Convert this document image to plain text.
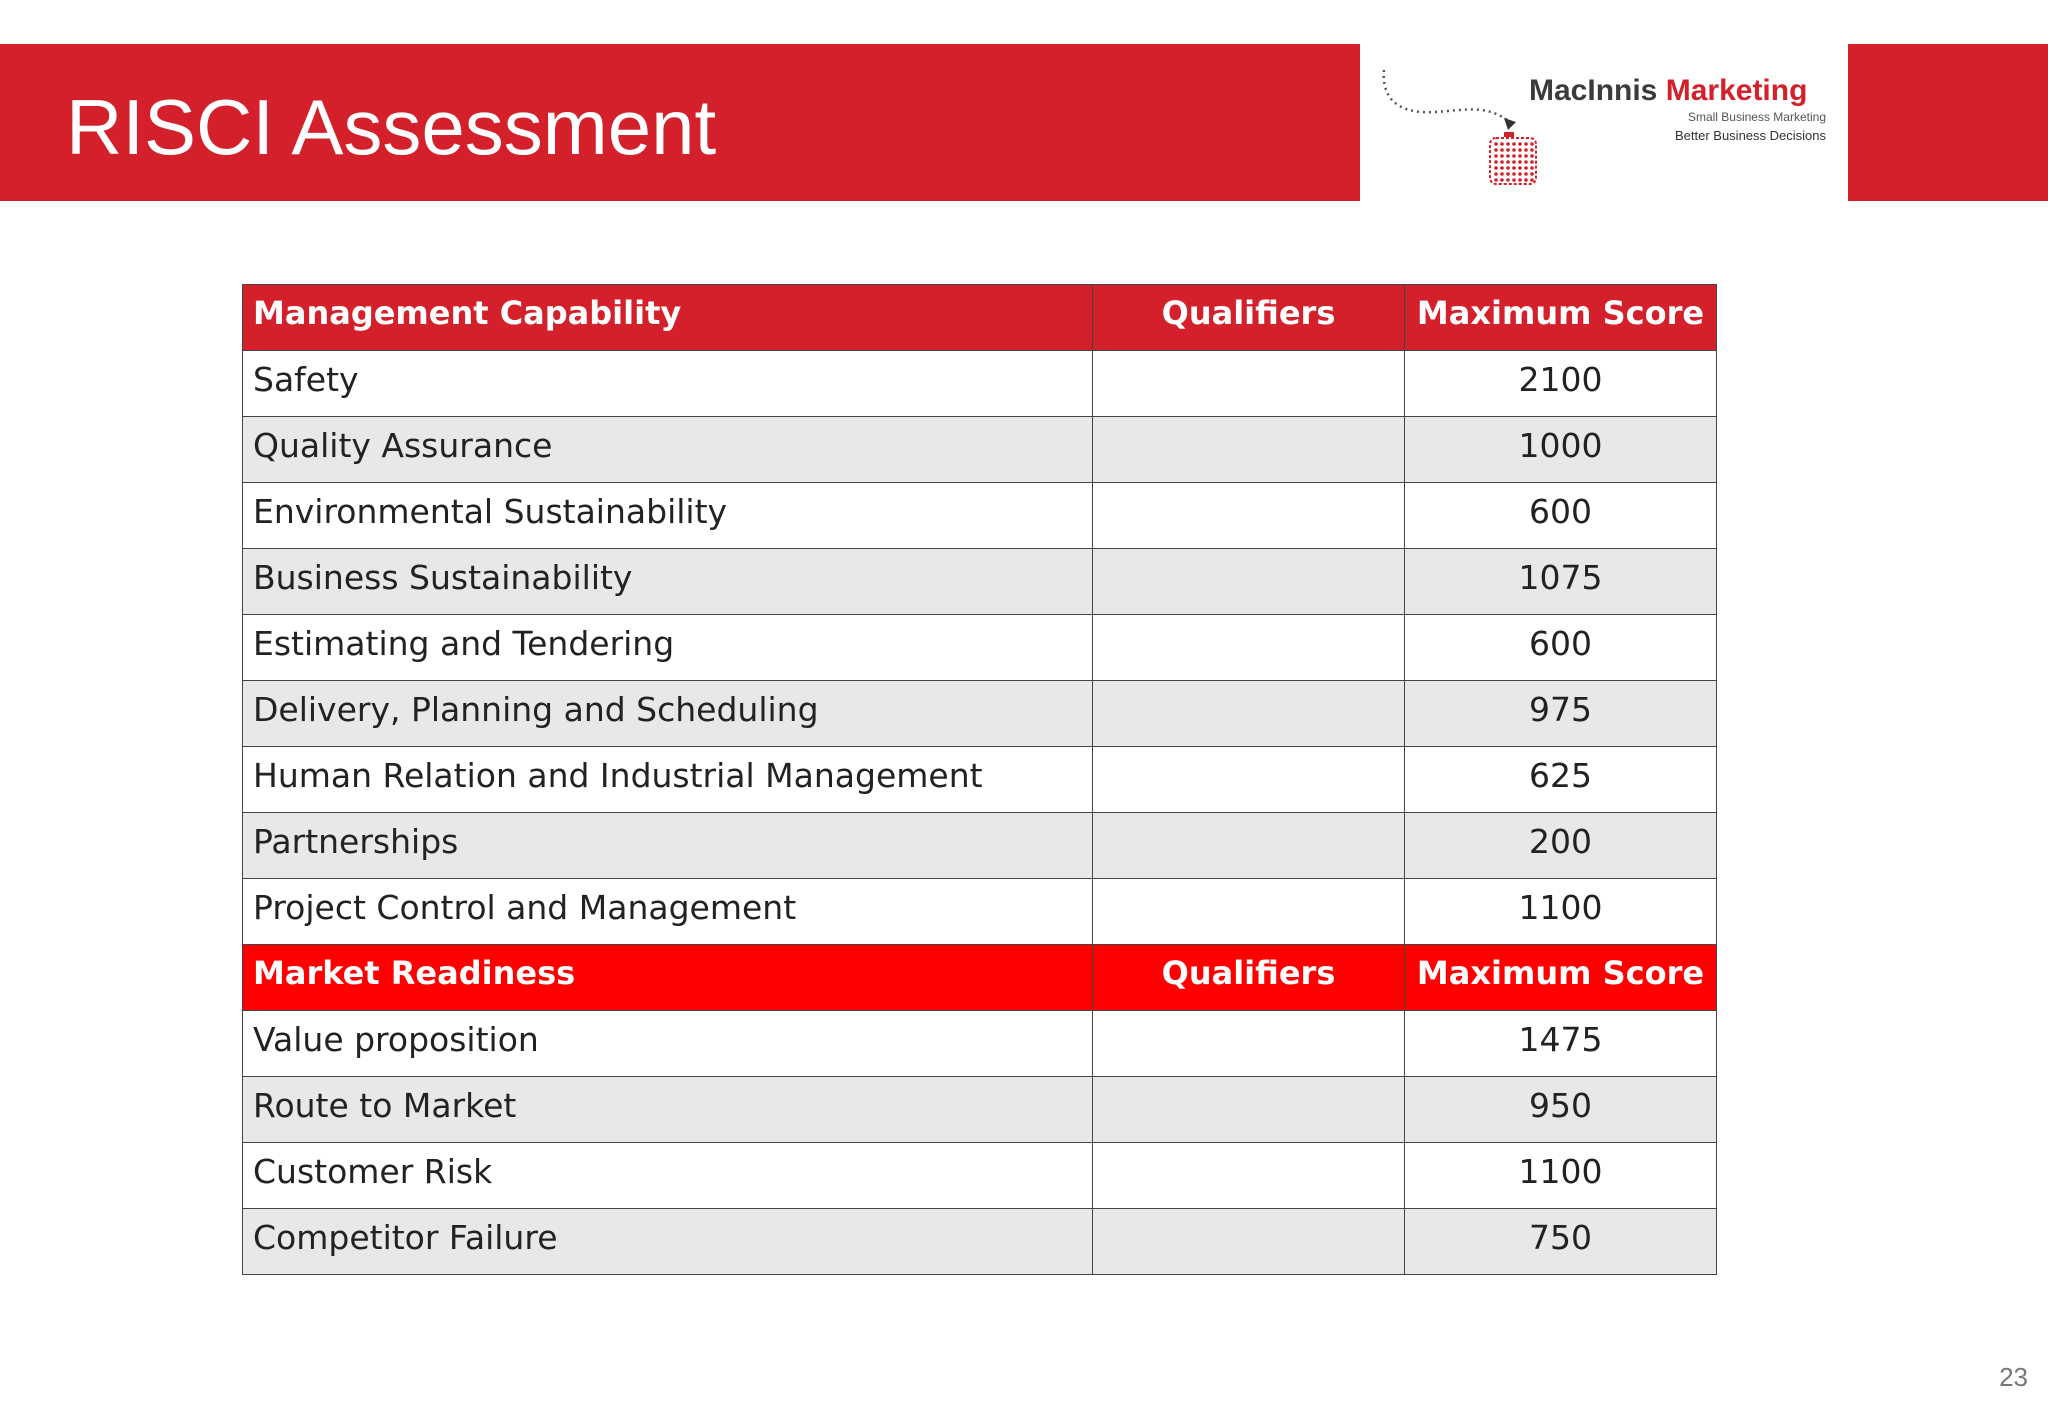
RISCI Assessment	MacInnis Marketing
Small Business Marketing
Better Business Decisions
Management Capability	Qualifiers	Maximum Score
Safety		2100
Quality Assurance		1000
Environmental Sustainability		600
Business Sustainability		1075
Estimating and Tendering		600
Delivery, Planning and Scheduling		975
Human Relation and Industrial Management		625
Partnerships		200
Project Control and Management		1100
Market Readiness	Qualifiers	Maximum Score
Value proposition		1475
Route to Market		950
Customer Risk		1100
Competitor Failure		750
23
